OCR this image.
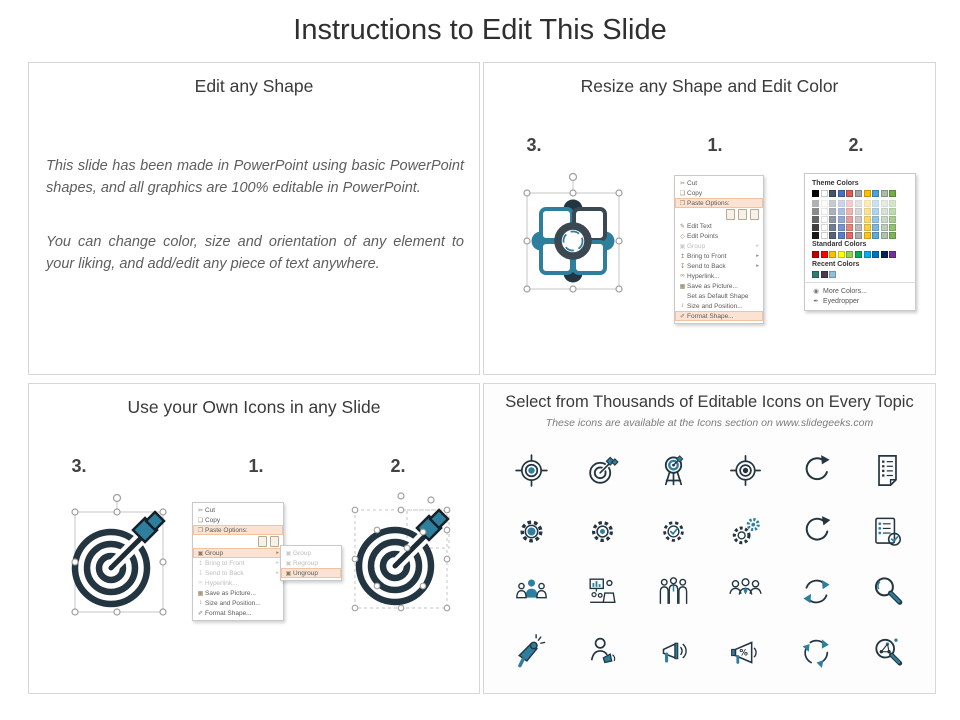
Instructions to Edit This Slide
Edit any Shape

This slide has been made in PowerPoint using basic PowerPoint shapes, and all graphics are 100% editable in PowerPoint.

You can change color, size and orientation of any element to your liking, and add/edit any piece of text anywhere.

Resize any Shape and Edit Color
1.	2.
3.
✂ Cut
❏ Copy
❐ Paste Options:
✎ Edit Text
◇ Edit Points
▣ Group
▸
↥ Bring to Front
▸
↧ Send to Back
▸
∞ Hyperlink...
▦ Save as Picture...
Set as Default Shape
↕ Size and Position...
✐ Format Shape...
Theme Colors
Standard Colors
Recent Colors
◉ More Colors...
✒ Eyedropper
Use your Own Icons in any Slide
1.	2.
3.
✂ Cut
❏ Copy
❐ Paste Options:
▣ Group
▸
↥ Bring to Front
▸
↧ Send to Back
▸
∞ Hyperlink...
▦ Save as Picture...
↕ Size and Position...
✐ Format Shape...
▣ Group
▣ Regroup
▣ Ungroup
Select from Thousands of Editable Icons on Every Topic
These icons are available at the Icons section on www.slidegeeks.com
